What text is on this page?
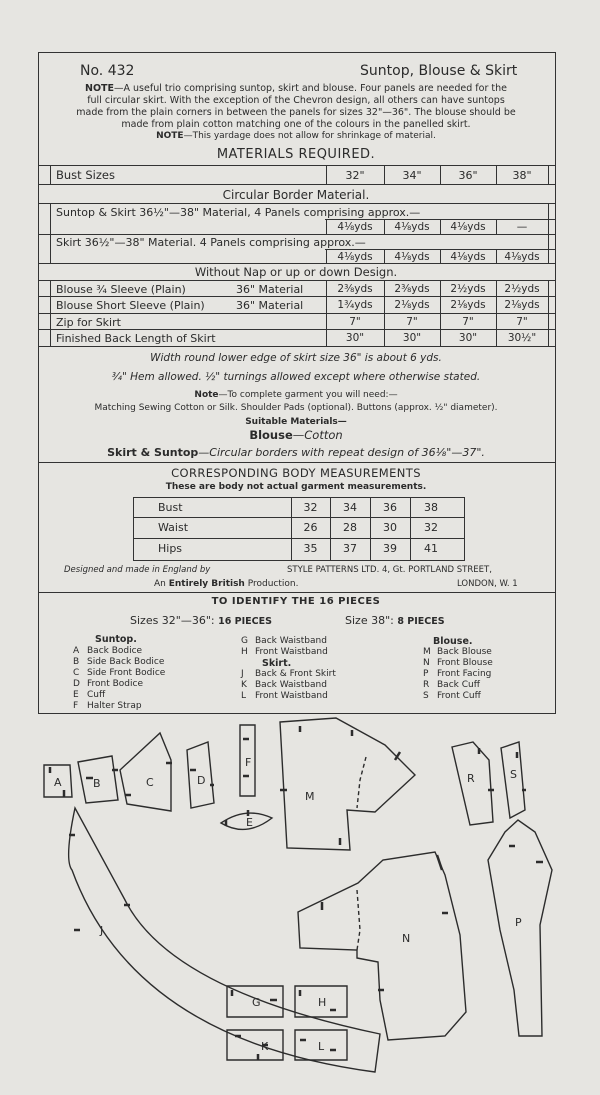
No. 432	Suntop, Blouse & Skirt
NOTE—A useful trio comprising suntop, skirt and blouse. Four panels are needed for the
full circular skirt. With the exception of the Chevron design, all others can have suntops
made from the plain corners in between the panels for sizes 32"—36". The blouse should be
made from plain cotton matching one of the colours in the panelled skirt.
NOTE—This yardage does not allow for shrinkage of material.
MATERIALS REQUIRED.
Bust Sizes	32"	34"	36"	38"
Circular Border Material.
Suntop & Skirt 36½"—38" Material, 4 Panels comprising approx.—
4⅛yds	4⅛yds	4⅛yds	—
Skirt 36½"—38" Material. 4 Panels comprising approx.—
4⅛yds	4⅛yds	4⅛yds	4⅛yds
Without Nap or up or down Design.
Blouse ¾ Sleeve (Plain)	36" Material	2⅜yds	2⅜yds	2½yds	2½yds
Blouse Short Sleeve (Plain)	36" Material	1¾yds	2⅛yds	2⅛yds	2⅛yds
Zip for Skirt	7"	7"	7"	7"
Finished Back Length of Skirt	30"	30"	30"	30½"
Width round lower edge of skirt size 36" is about 6 yds.
¾" Hem allowed. ½" turnings allowed except where otherwise stated.
Note—To complete garment you will need:—
Matching Sewing Cotton or Silk. Shoulder Pads (optional). Buttons (approx. ½" diameter).
Suitable Materials—
Blouse—Cotton
Skirt & Suntop—Circular borders with repeat design of 36⅛"—37".
CORRESPONDING BODY MEASUREMENTS
These are body not actual garment measurements.
Bust	32	34	36	38
Waist	26	28	30	32
Hips	35	37	39	41
Designed and made in England by	STYLE PATTERNS LTD. 4, Gt. PORTLAND STREET,
An Entirely British Production.	LONDON, W. 1
TO IDENTIFY THE 16 PIECES
Sizes 32"—36": 16 PIECES	Size 38": 8 PIECES
Suntop.
A Back Bodice
B Side Back Bodice
C Side Front Bodice
D Front Bodice
E Cuff
F Halter Strap
G Back Waistband
H Front Waistband
Skirt.
J Back & Front Skirt
K Back Waistband
L Front Waistband
Blouse.
M Back Blouse
N Front Blouse
P Front Facing
R Back Cuff
S Front Cuff
A	B	C	D
E
F
M
R	S
J
N
P
G	H
K	L
